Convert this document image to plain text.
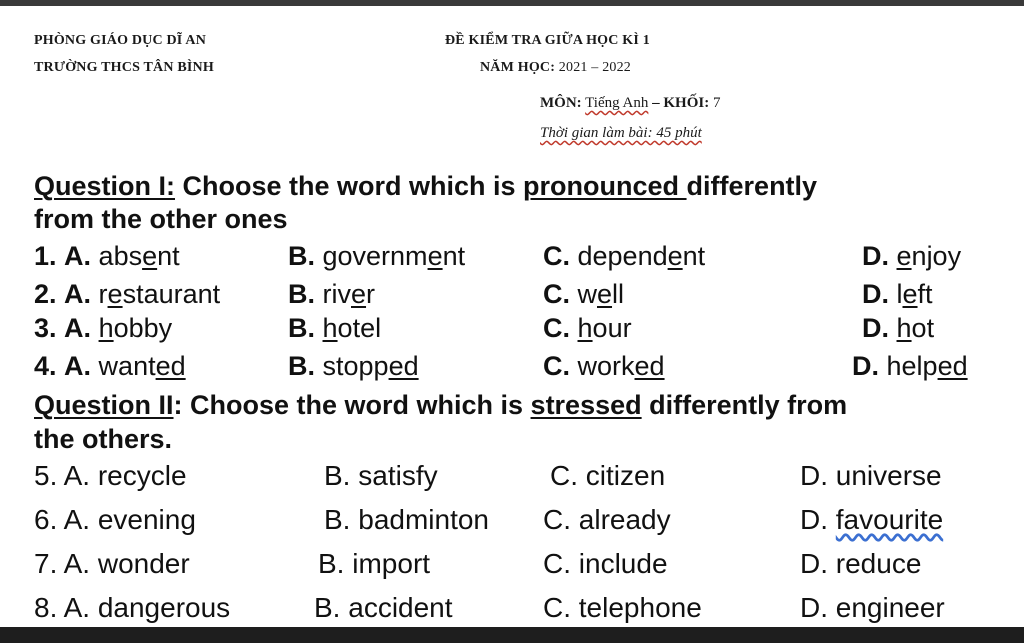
PHÒNG GIÁO DỤC DĨ AN
TRƯỜNG THCS TÂN BÌNH
ĐỀ KIỂM TRA GIỮA HỌC KÌ 1
NĂM HỌC: 2021 – 2022
MÔN: Tiếng Anh – KHỐI: 7
Thời gian làm bài: 45 phút
Question I: Choose the word which is pronounced differently
from the other ones
1. A. absent	B. government	C. dependent	D. enjoy
2. A. restaurant	B. river	C. well	D. left
3. A. hobby	B. hotel	C. hour	D. hot
4. A. wanted	B. stopped	C. worked	D. helped
Question II: Choose the word which is stressed differently from
the others.
5. A. recycle	B. satisfy	C. citizen	D. universe
6. A. evening	B. badminton C. already	D. favourite
7. A. wonder	B. import	C. include	D. reduce
8. A. dangerous	B. accident	C. telephone	D. engineer
